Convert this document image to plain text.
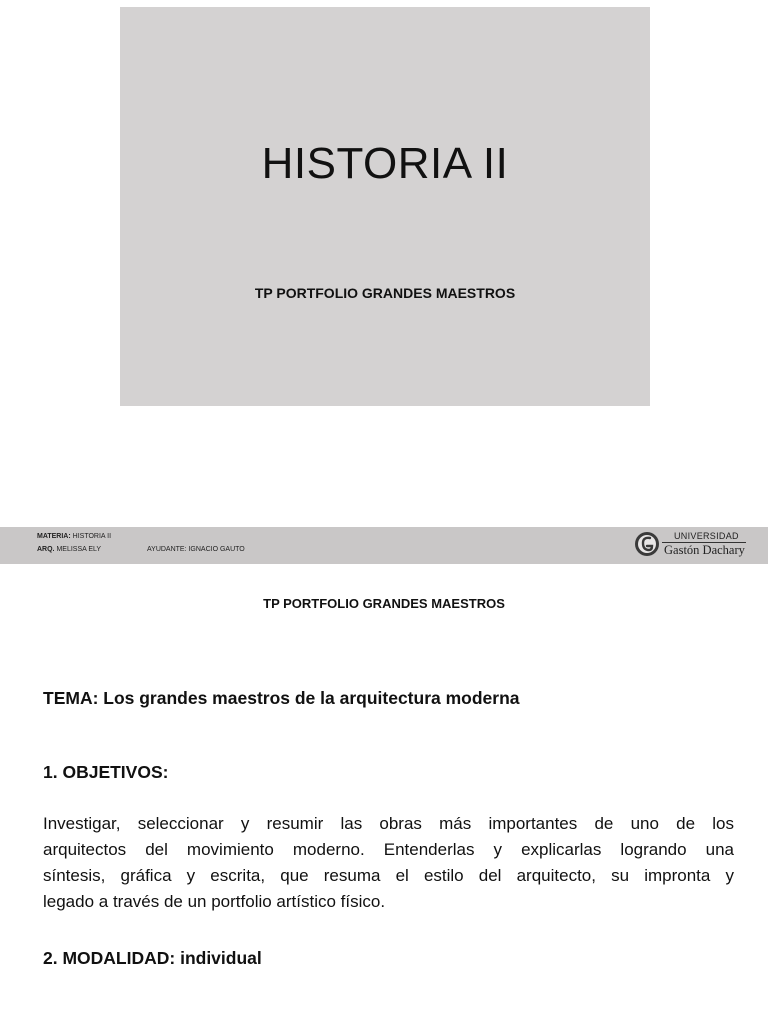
HISTORIA II
TP PORTFOLIO GRANDES MAESTROS
MATERIA: HISTORIA II
ARQ. MELISSA ELY	AYUDANTE: IGNACIO GAUTO
UNIVERSIDAD
Gastón Dachary
TP PORTFOLIO GRANDES MAESTROS
TEMA: Los grandes maestros de la arquitectura moderna
1. OBJETIVOS:
Investigar, seleccionar y resumir las obras más importantes de uno de los
arquitectos del movimiento moderno. Entenderlas y explicarlas logrando una
síntesis, gráfica y escrita, que resuma el estilo del arquitecto, su impronta y
legado a través de un portfolio artístico físico.
2. MODALIDAD: individual
